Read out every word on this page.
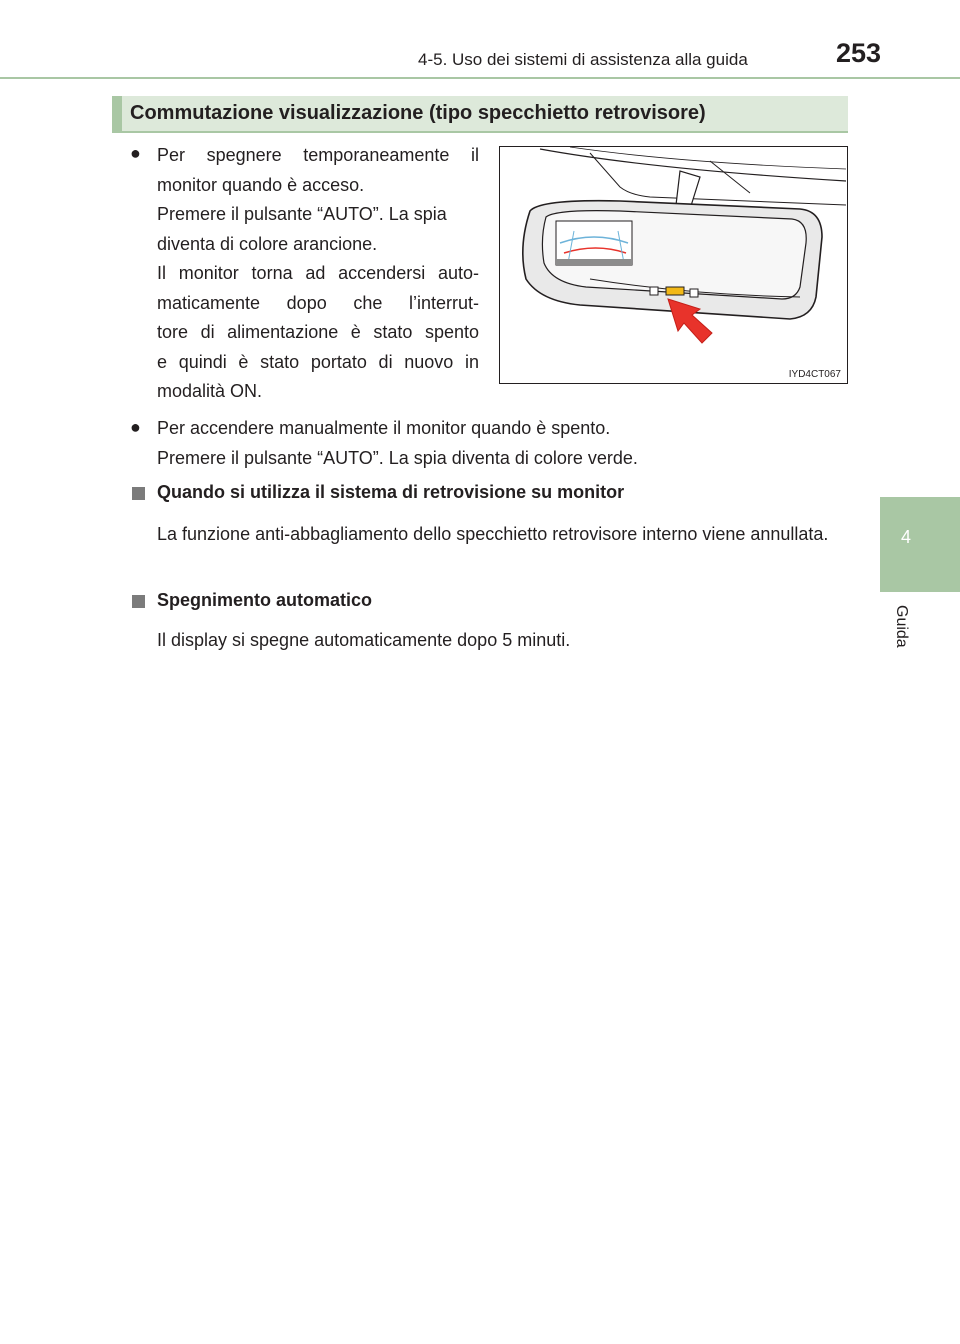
4-5. Uso dei sistemi di assistenza alla guida	253
4
Guida
Commutazione visualizzazione (tipo specchietto retrovisore)
IYD4CT067
● Per spegnere temporaneamente il
monitor quando è acceso.
Premere il pulsante “AUTO”. La spia
diventa di colore arancione.
Il monitor torna ad accendersi auto-
maticamente dopo che l’interrut-
tore di alimentazione è stato spento
e quindi è stato portato di nuovo in
modalità ON.
● Per accendere manualmente il monitor quando è spento.
Premere il pulsante “AUTO”. La spia diventa di colore verde.
Quando si utilizza il sistema di retrovisione su monitor
La funzione anti-abbagliamento dello specchietto retrovisore interno viene annullata.
Spegnimento automatico
Il display si spegne automaticamente dopo 5 minuti.
